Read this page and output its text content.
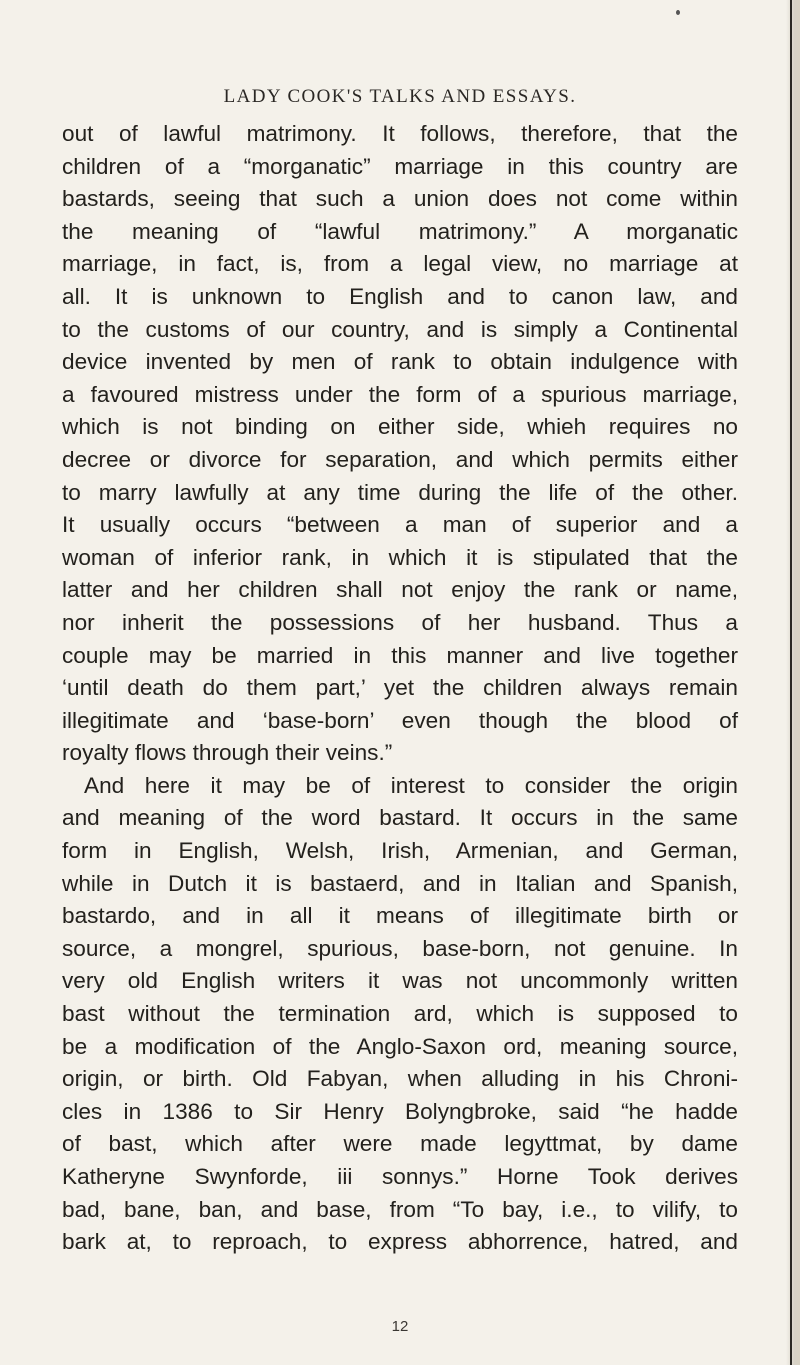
LADY COOK'S TALKS AND ESSAYS.
out of lawful matrimony. It follows, therefore, that the
children of a “morganatic” marriage in this country are
bastards, seeing that such a union does not come within
the meaning of “lawful matrimony.” A morganatic
marriage, in fact, is, from a legal view, no marriage at
all. It is unknown to English and to canon law, and
to the customs of our country, and is simply a Continental
device invented by men of rank to obtain indulgence with
a favoured mistress under the form of a spurious marriage,
which is not binding on either side, whieh requires no
decree or divorce for separation, and which permits either
to marry lawfully at any time during the life of the other.
It usually occurs “between a man of superior and a
woman of inferior rank, in which it is stipulated that the
latter and her children shall not enjoy the rank or name,
nor inherit the possessions of her husband. Thus a
couple may be married in this manner and live together
‘until death do them part,’ yet the children always remain
illegitimate and ‘base-born’ even though the blood of
royalty flows through their veins.”
And here it may be of interest to consider the origin
and meaning of the word bastard. It occurs in the same
form in English, Welsh, Irish, Armenian, and German,
while in Dutch it is bastaerd, and in Italian and Spanish,
bastardo, and in all it means of illegitimate birth or
source, a mongrel, spurious, base-born, not genuine. In
very old English writers it was not uncommonly written
bast without the termination ard, which is supposed to
be a modification of the Anglo-Saxon ord, meaning source,
origin, or birth. Old Fabyan, when alluding in his Chroni-
cles in 1386 to Sir Henry Bolyngbroke, said “he hadde
of bast, which after were made legyttmat, by dame
Katheryne Swynforde, iii sonnys.” Horne Took derives
bad, bane, ban, and base, from “To bay, i.e., to vilify, to
bark at, to reproach, to express abhorrence, hatred, and
12
